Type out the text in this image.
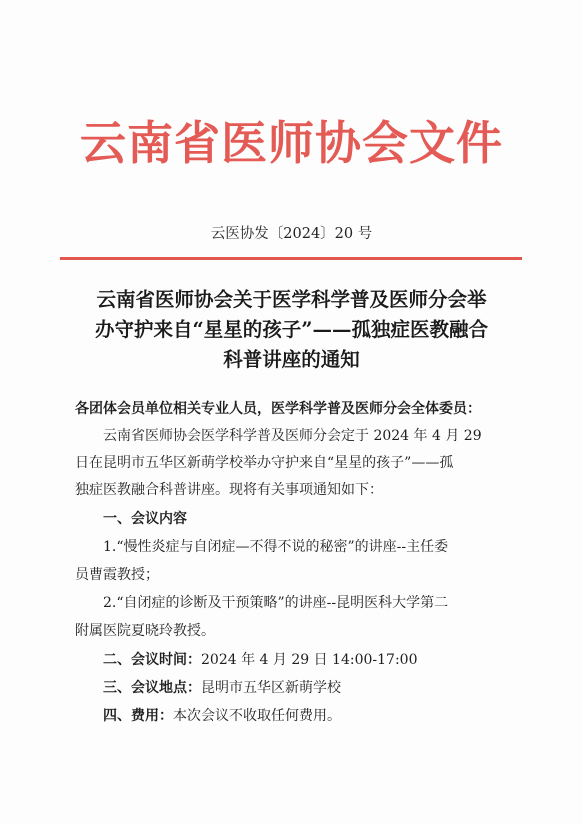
云南省医师协会文件
云医协发〔2024〕20 号
云南省医师协会关于医学科学普及医师分会举
办守护来自“星星的孩子”——孤独症医教融合
科普讲座的通知
各团体会员单位相关专业人员，医学科学普及医师分会全体委员：
云南省医师协会医学科学普及医师分会定于 2024 年 4 月 29
日在昆明市五华区新萌学校举办守护来自“星星的孩子”——孤
独症医教融合科普讲座。现将有关事项通知如下：
一、会议内容
1.“慢性炎症与自闭症—不得不说的秘密”的讲座--主任委
员曹霞教授；
2.“自闭症的诊断及干预策略”的讲座--昆明医科大学第二
附属医院夏晓玲教授。
二、会议时间：2024 年 4 月 29 日 14:00-17:00
三、会议地点：昆明市五华区新萌学校
四、费用：本次会议不收取任何费用。
